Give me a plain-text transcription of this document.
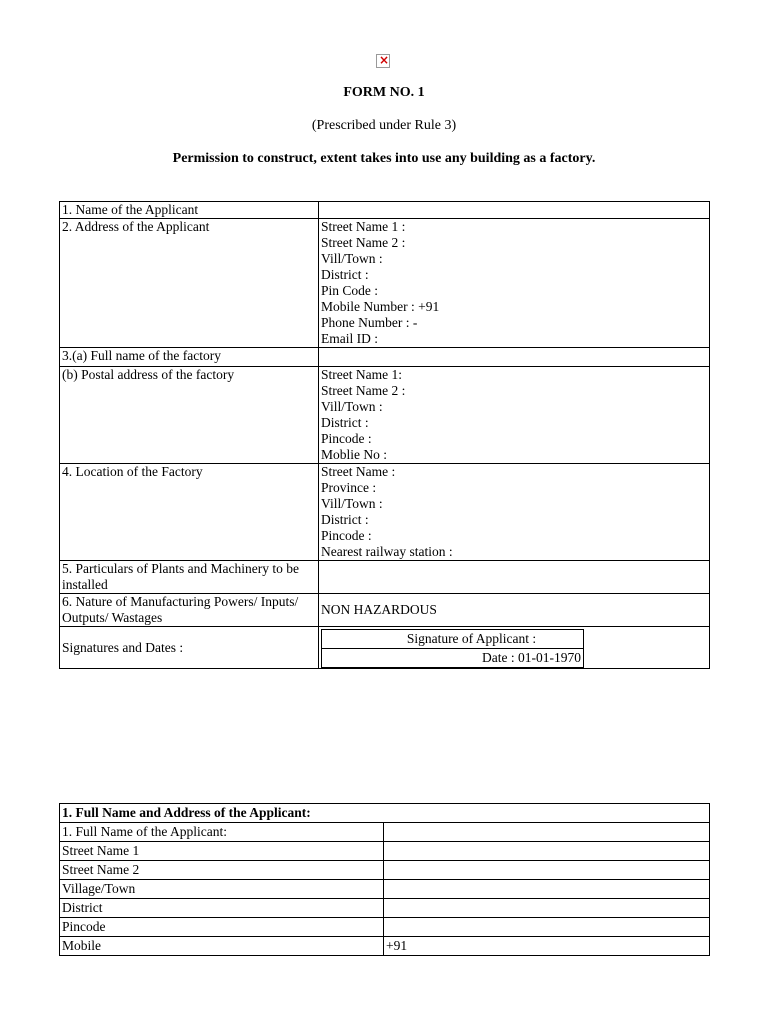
×
FORM NO. 1
(Prescribed under Rule 3)
Permission to construct, extent takes into use any building as a factory.
1. Name of the Applicant	
2. Address of the Applicant	Street Name 1 :
Street Name 2 :
Vill/Town :
District :
Pin Code :
Mobile Number : +91
Phone Number : -
Email ID :

3.(a) Full name of the factory	
(b) Postal address of the factory	Street Name 1:
Street Name 2 :
Vill/Town :
District :
Pincode :
Moblie No :

4. Location of the Factory	Street Name :
Province :
Vill/Town :
District :
Pincode :
Nearest railway station :

5. Particulars of Plants and Machinery to be installed	
6. Nature of Manufacturing Powers/ Inputs/ Outputs/ Wastages	NON HAZARDOUS
Signatures and Dates :	
Signature of Applicant :
Date : 01-01-1970
1. Full Name and Address of the Applicant:	
1. Full Name of the Applicant:	
Street Name 1	
Street Name 2	
Village/Town	
District	
Pincode	
Mobile	+91
